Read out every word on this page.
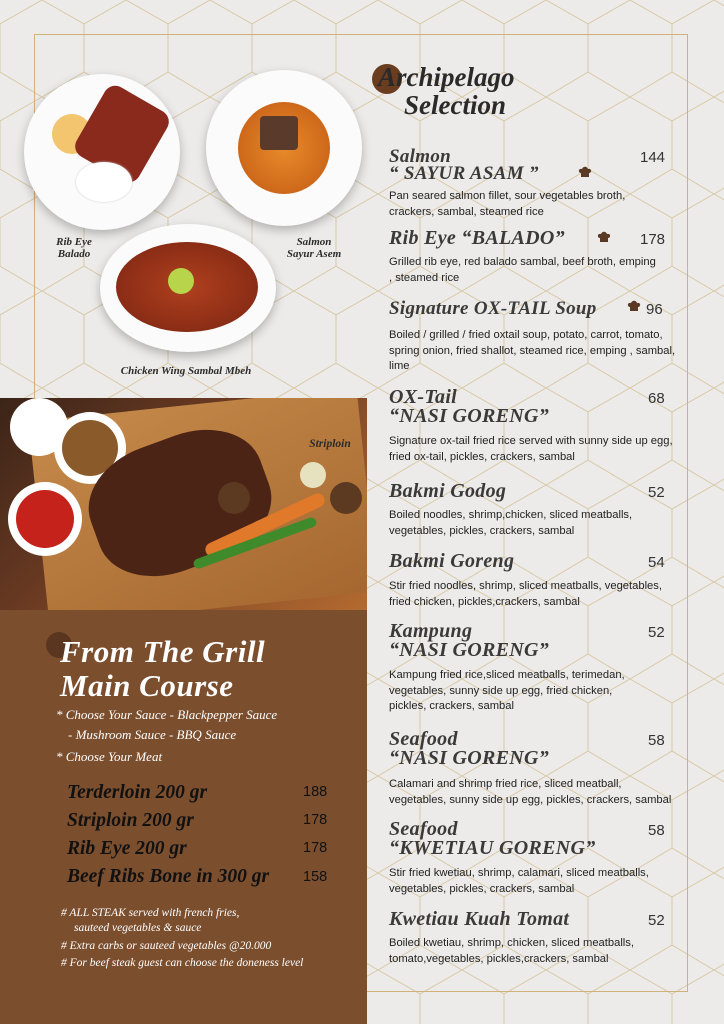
Rib Eye
Balado
Salmon
Sayur Asem
Chicken Wing Sambal Mbeh
Striploin
From The Grill
Main Course
* Choose Your Sauce - Blackpepper Sauce
- Mushroom Sauce - BBQ Sauce
* Choose Your Meat
Terderloin 200 gr	188
Striploin 200 gr	178
Rib Eye 200 gr	178
Beef Ribs Bone in 300 gr 158
# ALL STEAK served with french fries,
sauteed vegetables & sauce
# Extra carbs or sauteed vegetables @20.000
# For beef steak guest can choose the doneness level
Archipelago
Selection
Salmon
“ SAYUR ASAM ”
144
Pan seared salmon fillet, sour vegetables broth, crackers, sambal, steamed rice
Rib Eye “BALADO”	178
Grilled rib eye, red balado sambal, beef broth, emping , steamed rice
Signature OX-TAIL Soup	96
Boiled / grilled / fried oxtail soup, potato, carrot, tomato, spring onion, fried shallot, steamed rice, emping , sambal, lime
OX-Tail
“NASI GORENG”
68
Signature ox-tail fried rice served with sunny side up egg, fried ox-tail, pickles, crackers, sambal
Bakmi Godog	52
Boiled noodles, shrimp,chicken, sliced meatballs, vegetables, pickles, crackers, sambal
Bakmi Goreng	54
Stir fried noodles, shrimp, sliced meatballs, vegetables, fried chicken, pickles,crackers, sambal
Kampung
“NASI GORENG”
52
Kampung fried rice,sliced meatballs, terimedan, vegetables, sunny side up egg, fried chicken, pickles, crackers, sambal
Seafood
“NASI GORENG”
58
Calamari and shrimp fried rice, sliced meatball, vegetables, sunny side up egg, pickles, crackers, sambal
Seafood
“KWETIAU GORENG”
58
Stir fried kwetiau, shrimp, calamari, sliced meatballs, vegetables, pickles, crackers, sambal
Kwetiau Kuah Tomat	52
Boiled kwetiau, shrimp, chicken, sliced meatballs, tomato,vegetables, pickles,crackers, sambal
